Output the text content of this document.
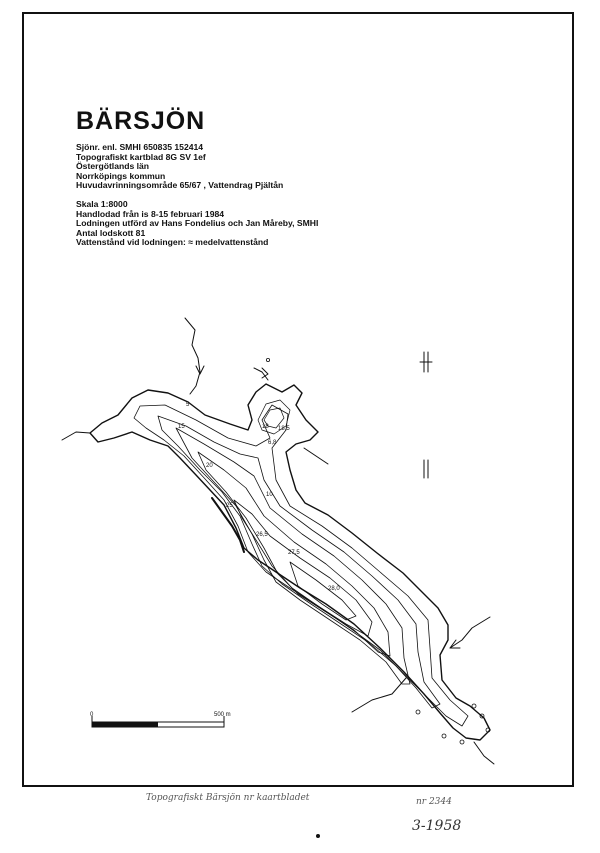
BÄRSJÖN
Sjönr. enl. SMHI 650835 152414
Topografiskt kartblad 8G SV 1ef
Östergötlands län
Norrköpings kommun
Huvudavrinningsområde 65/67 , Vattendrag Pjältån
Skala 1:8000
Handlodad från is 8-15 februari 1984
Lodningen utförd av Hans Fondelius och Jan Måreby, SMHI
Antal lodskott 81
Vattenstånd vid lodningen: ≈ medelvattenstånd
0	500 m
15
20
25
26,5
27,5
28,0
10
5
18,5
18
6,8
Topografiskt Bärsjön nr kaartbladet	nr 2344
3-1958
